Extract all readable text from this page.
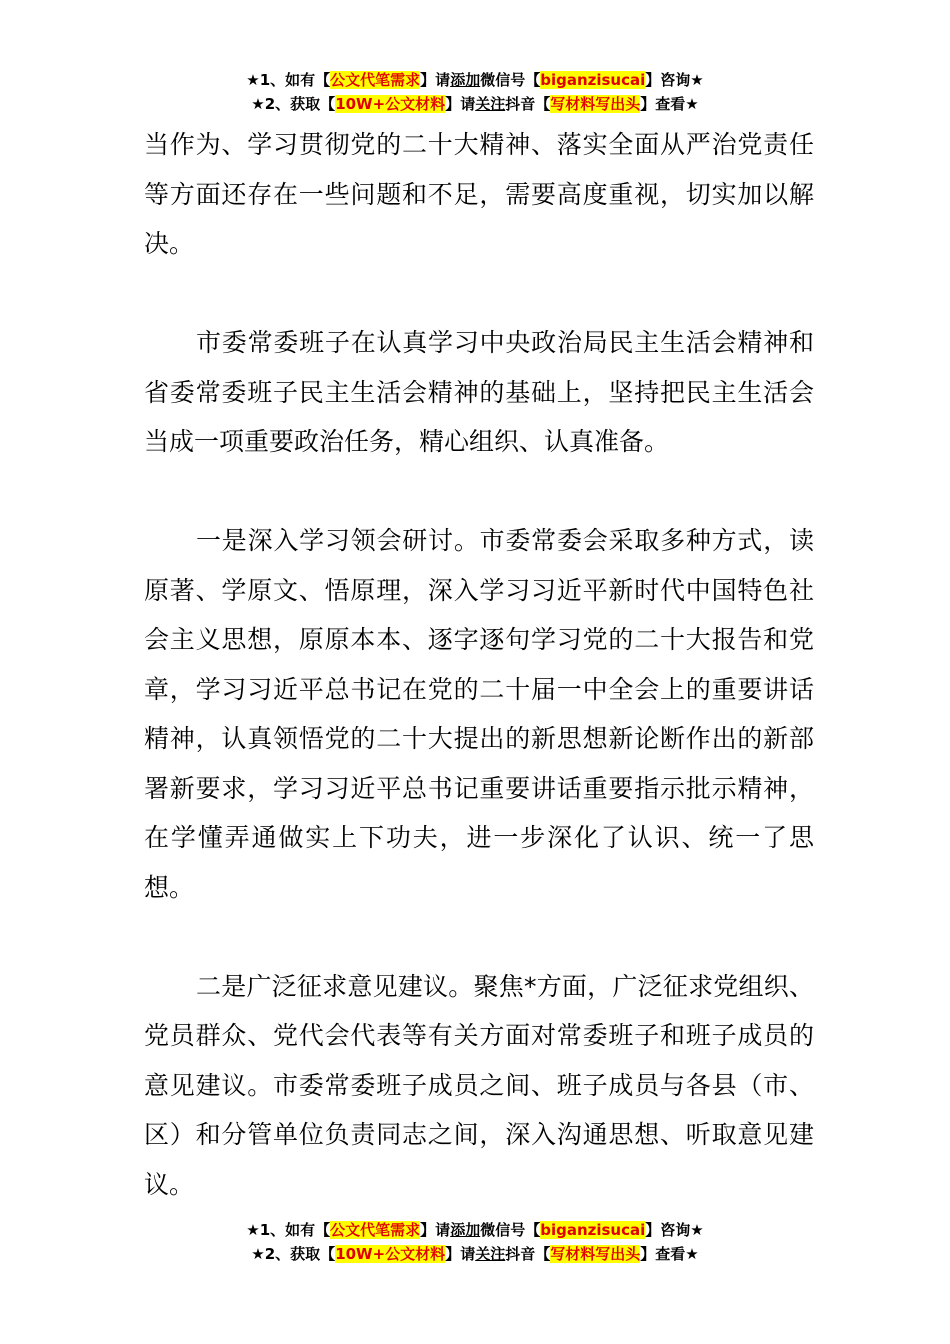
★1、如有【公文代笔需求】请添加微信号【biganzisucai】咨询★
★2、获取【10W+公文材料】请关注抖音【写材料写出头】查看★

当作为、学习贯彻党的二十大精神、落实全面从严治党责任等方面还存在一些问题和不足，需要高度重视，切实加以解决。

市委常委班子在认真学习中央政治局民主生活会精神和省委常委班子民主生活会精神的基础上，坚持把民主生活会当成一项重要政治任务，精心组织、认真准备。

一是深入学习领会研讨。市委常委会采取多种方式，读原著、学原文、悟原理，深入学习习近平新时代中国特色社会主义思想，原原本本、逐字逐句学习党的二十大报告和党章，学习习近平总书记在党的二十届一中全会上的重要讲话精神，认真领悟党的二十大提出的新思想新论断作出的新部署新要求，学习习近平总书记重要讲话重要指示批示精神，在学懂弄通做实上下功夫，进一步深化了认识、统一了思想。

二是广泛征求意见建议。聚焦*方面，广泛征求党组织、党员群众、党代会代表等有关方面对常委班子和班子成员的意见建议。市委常委班子成员之间、班子成员与各县（市、区）和分管单位负责同志之间，深入沟通思想、听取意见建议。

★1、如有【公文代笔需求】请添加微信号【biganzisucai】咨询★
★2、获取【10W+公文材料】请关注抖音【写材料写出头】查看★
